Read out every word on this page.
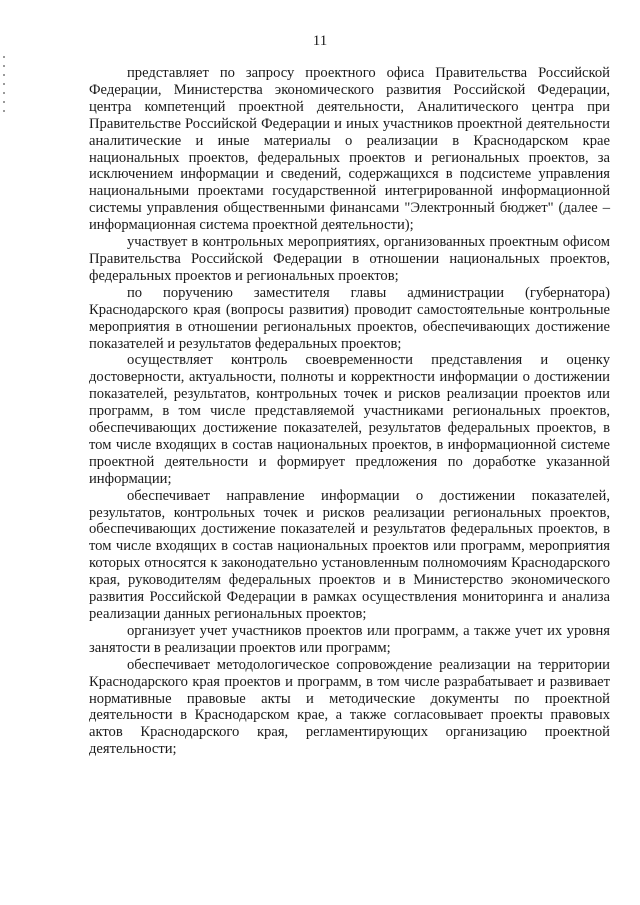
11

представляет по запросу проектного офиса Правительства Российской Федерации, Министерства экономического развития Российской Федерации, центра компетенций проектной деятельности, Аналитического центра при Правительстве Российской Федерации и иных участников проектной деятельности аналитические и иные материалы о реализации в Краснодарском крае национальных проектов, федеральных проектов и региональных проектов, за исключением информации и сведений, содержащихся в подсистеме управления национальными проектами государственной интегрированной информационной системы управления общественными финансами "Электронный бюджет" (далее – информационная система проектной деятельности);

участвует в контрольных мероприятиях, организованных проектным офисом Правительства Российской Федерации в отношении национальных проектов, федеральных проектов и региональных проектов;

по поручению заместителя главы администрации (губернатора) Краснодарского края (вопросы развития) проводит самостоятельные контрольные мероприятия в отношении региональных проектов, обеспечивающих достижение показателей и результатов федеральных проектов;

осуществляет контроль своевременности представления и оценку достоверности, актуальности, полноты и корректности информации о достижении показателей, результатов, контрольных точек и рисков реализации проектов или программ, в том числе представляемой участниками региональных проектов, обеспечивающих достижение показателей, результатов федеральных проектов, в том числе входящих в состав национальных проектов, в информационной системе проектной деятельности и формирует предложения по доработке указанной информации;

обеспечивает направление информации о достижении показателей, результатов, контрольных точек и рисков реализации региональных проектов, обеспечивающих достижение показателей и результатов федеральных проектов, в том числе входящих в состав национальных проектов или программ, мероприятия которых относятся к законодательно установленным полномочиям Краснодарского края, руководителям федеральных проектов и в Министерство экономического развития Российской Федерации в рамках осуществления мониторинга и анализа реализации данных региональных проектов;

организует учет участников проектов или программ, а также учет их уровня занятости в реализации проектов или программ;

обеспечивает методологическое сопровождение реализации на территории Краснодарского края проектов и программ, в том числе разрабатывает и развивает нормативные правовые акты и методические документы по проектной деятельности в Краснодарском крае, а также согласовывает проекты правовых актов Краснодарского края, регламентирующих организацию проектной деятельности;
